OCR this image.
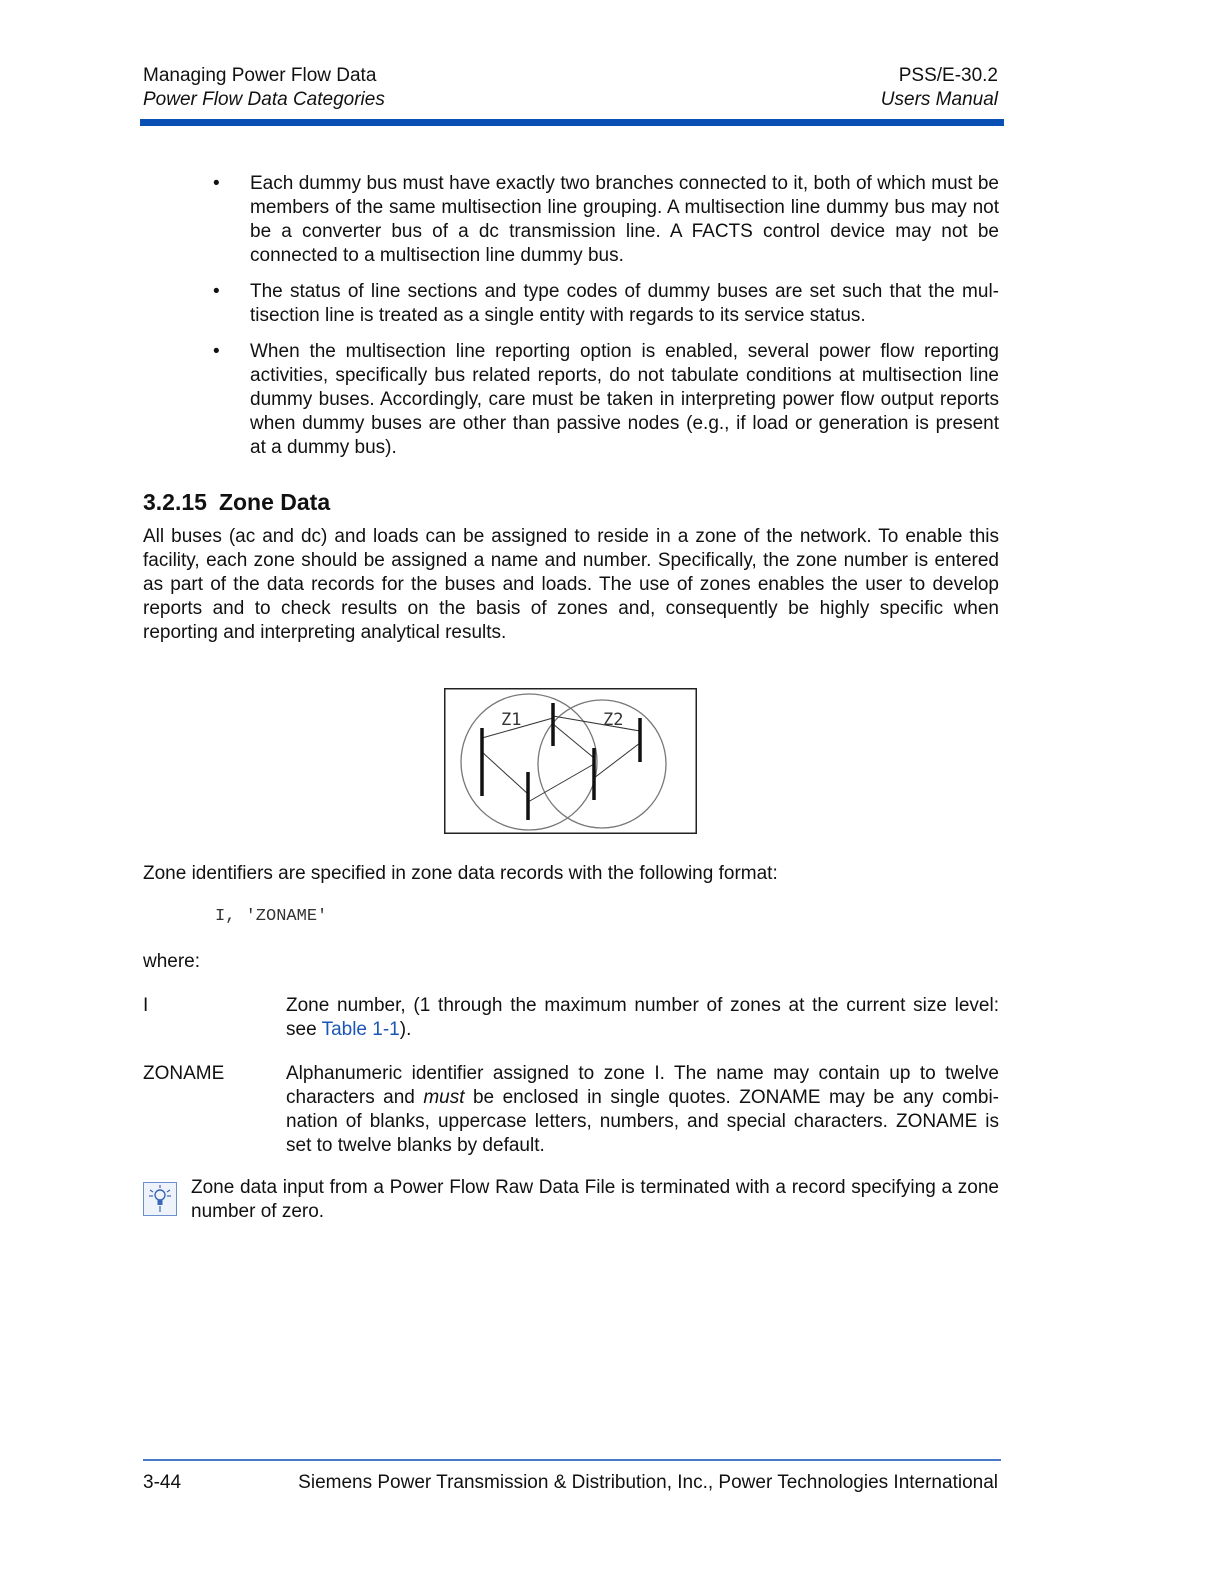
Managing Power Flow Data	PSS/E-30.2
Power Flow Data Categories	Users Manual
• Each dummy bus must have exactly two branches connected to it, both of which must be members of the same multisection line grouping. A multisection line dummy bus may not be a converter bus of a dc transmission line. A FACTS control device may not be connected to a multisection line dummy bus.
• The status of line sections and type codes of dummy buses are set such that the mul-tisection line is treated as a single entity with regards to its service status.
• When the multisection line reporting option is enabled, several power flow reporting activities, specifically bus related reports, do not tabulate conditions at multisection line dummy buses. Accordingly, care must be taken in interpreting power flow output reports when dummy buses are other than passive nodes (e.g., if load or generation is present at a dummy bus).
3.2.15 Zone Data

All buses (ac and dc) and loads can be assigned to reside in a zone of the network. To enable this facility, each zone should be assigned a name and number. Specifically, the zone number is entered as part of the data records for the buses and loads. The use of zones enables the user to develop reports and to check results on the basis of zones and, consequently be highly specific when reporting and interpreting analytical results.

Z1	Z2

Zone identifiers are specified in zone data records with the following format:

I, 'ZONAME'

where:

I	Zone number, (1 through the maximum number of zones at the current size level: see Table 1-1).
ZONAME	Alphanumeric identifier assigned to zone I. The name may contain up to twelve characters and must be enclosed in single quotes. ZONAME may be any combi-nation of blanks, uppercase letters, numbers, and special characters. ZONAME is set to twelve blanks by default.
Zone data input from a Power Flow Raw Data File is terminated with a record specifying a zone number of zero.
3-44	Siemens Power Transmission & Distribution, Inc., Power Technologies International
